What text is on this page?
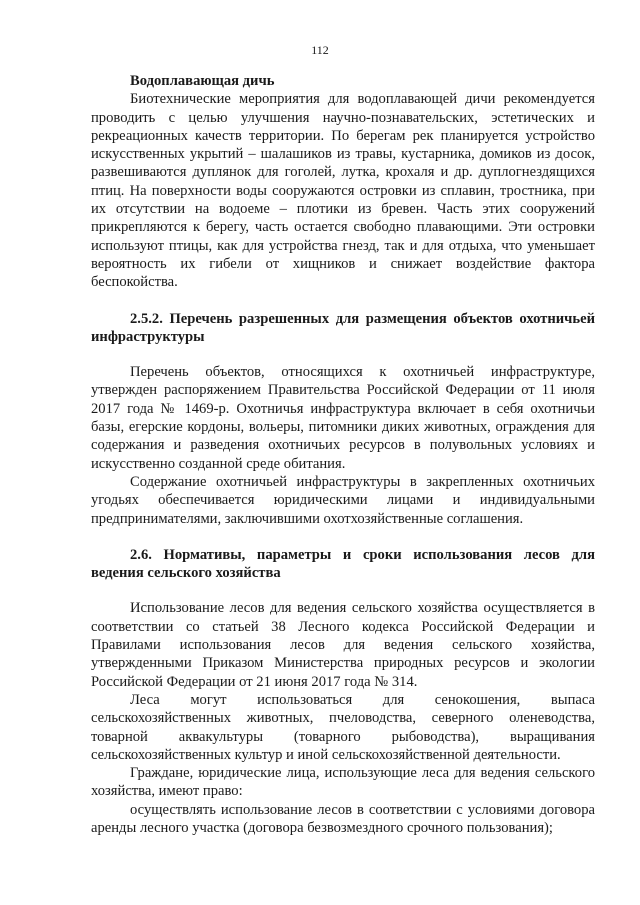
112
Водоплавающая дичь

Биотехнические мероприятия для водоплавающей дичи рекомендуется проводить с целью улучшения научно-познавательских, эстетических и рекреационных качеств территории. По берегам рек планируется устройство искусственных укрытий – шалашиков из травы, кустарника, домиков из досок, развешиваются дуплянок для гоголей, лутка, крохаля и др. дуплогнездящихся птиц. На поверхности воды сооружаются островки из сплавин, тростника, при их отсутствии на водоеме – плотики из бревен. Часть этих сооружений прикрепляются к берегу, часть остается свободно плавающими. Эти островки используют птицы, как для устройства гнезд, так и для отдыха, что уменьшает вероятность их гибели от хищников и снижает воздействие фактора беспокойства.

2.5.2. Перечень разрешенных для размещения объектов охотничьей инфраструктуры

Перечень объектов, относящихся к охотничьей инфраструктуре, утвержден распоряжением Правительства Российской Федерации от 11 июля 2017 года № 1469-р. Охотничья инфраструктура включает в себя охотничьи базы, егерские кордоны, вольеры, питомники диких животных, ограждения для содержания и разведения охотничьих ресурсов в полувольных условиях и искусственно созданной среде обитания.

Содержание охотничьей инфраструктуры в закрепленных охотничьих угодьях обеспечивается юридическими лицами и индивидуальными предпринимателями, заключившими охотхозяйственные соглашения.

2.6. Нормативы, параметры и сроки использования лесов для ведения сельского хозяйства

Использование лесов для ведения сельского хозяйства осуществляется в соответствии со статьей 38 Лесного кодекса Российской Федерации и Правилами использования лесов для ведения сельского хозяйства, утвержденными Приказом Министерства природных ресурсов и экологии Российской Федерации от 21 июня 2017 года № 314.

Леса могут использоваться для сенокошения, выпаса сельскохозяйственных животных, пчеловодства, северного оленеводства, товарной аквакультуры (товарного рыбоводства), выращивания сельскохозяйственных культур и иной сельскохозяйственной деятельности.

Граждане, юридические лица, использующие леса для ведения сельского хозяйства, имеют право:

осуществлять использование лесов в соответствии с условиями договора аренды лесного участка (договора безвозмездного срочного пользования);
